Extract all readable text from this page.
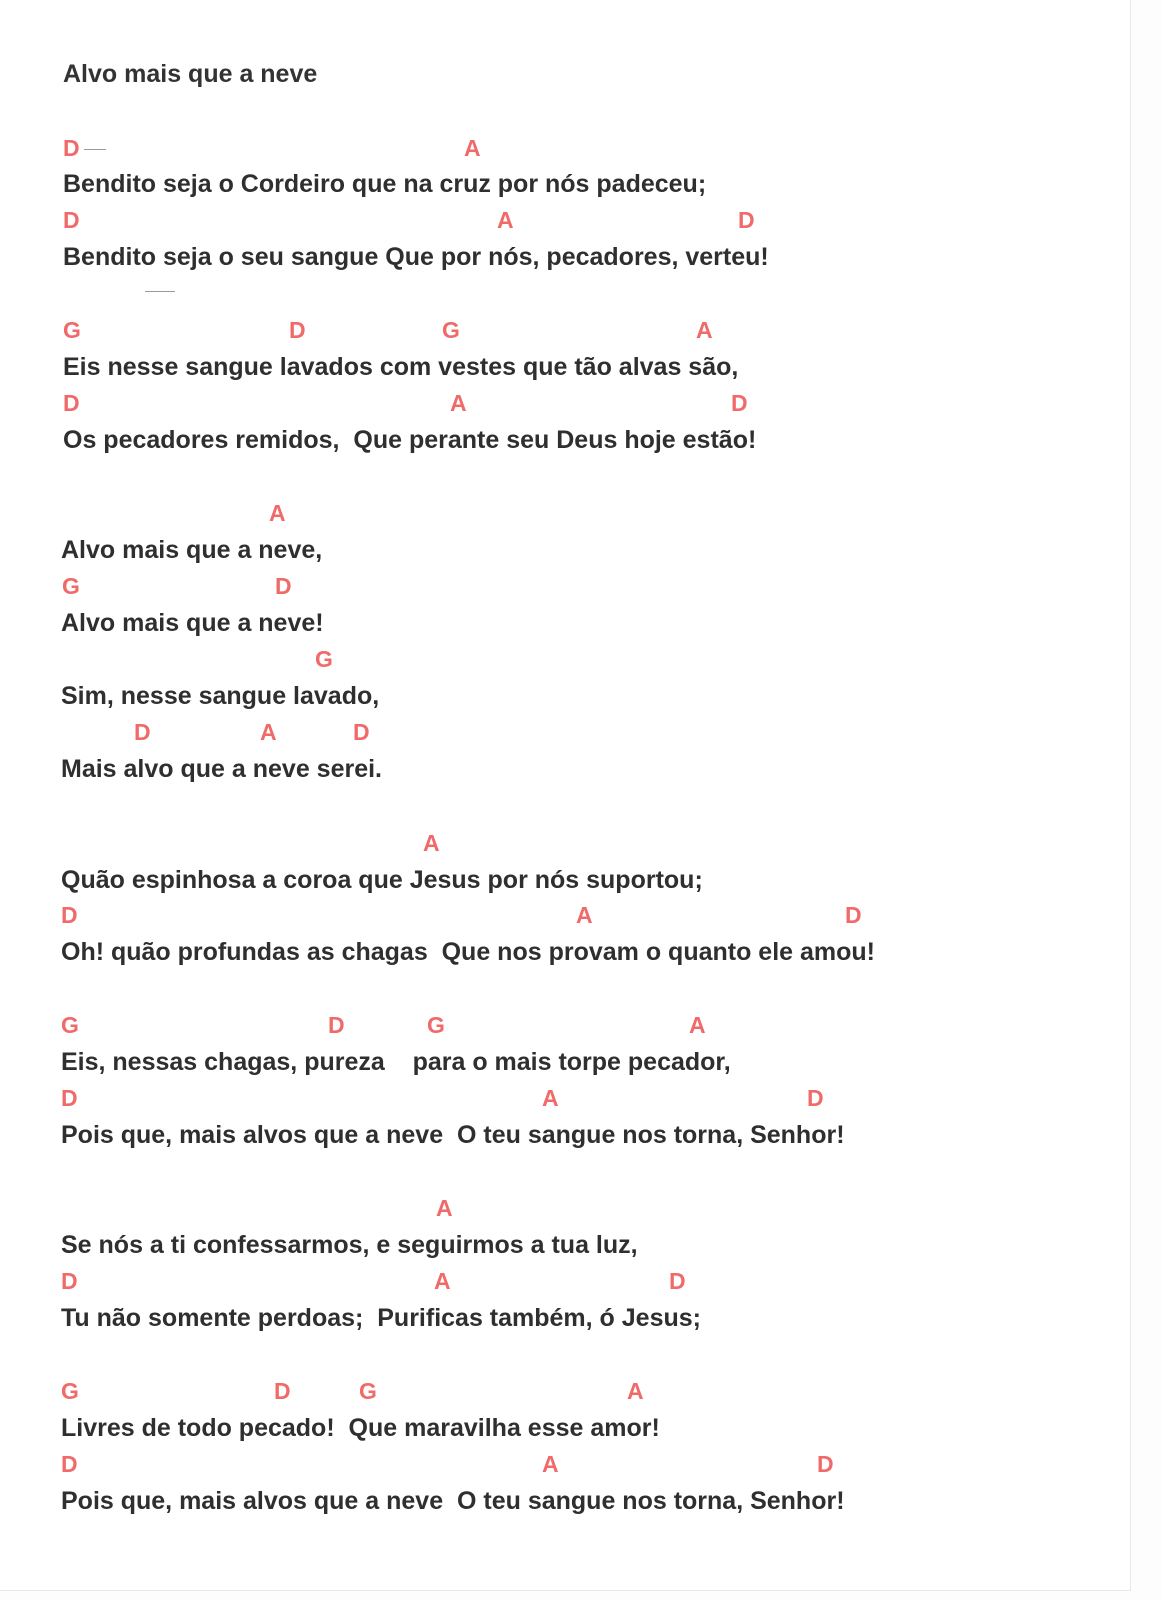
Alvo mais que a neve
D	A
Bendito seja o Cordeiro que na cruz por nós padeceu;
D	A	D
Bendito seja o seu sangue Que por nós, pecadores, verteu!
G	D	G	A
Eis nesse sangue lavados com vestes que tão alvas são,
D	A	D
Os pecadores remidos,  Que perante seu Deus hoje estão!
A
Alvo mais que a neve,
G	D
Alvo mais que a neve!
G
Sim, nesse sangue lavado,
D	A	D
Mais alvo que a neve serei.
A
Quão espinhosa a coroa que Jesus por nós suportou;
D	A	D
Oh! quão profundas as chagas  Que nos provam o quanto ele amou!
G	D	G	A
Eis, nessas chagas, pureza    para o mais torpe pecador,
D	A	D
Pois que, mais alvos que a neve  O teu sangue nos torna, Senhor!
A
Se nós a ti confessarmos, e seguirmos a tua luz,
D	A	D
Tu não somente perdoas;  Purificas também, ó Jesus;
G	D	G	A
Livres de todo pecado!  Que maravilha esse amor!
D	A	D
Pois que, mais alvos que a neve  O teu sangue nos torna, Senhor!
